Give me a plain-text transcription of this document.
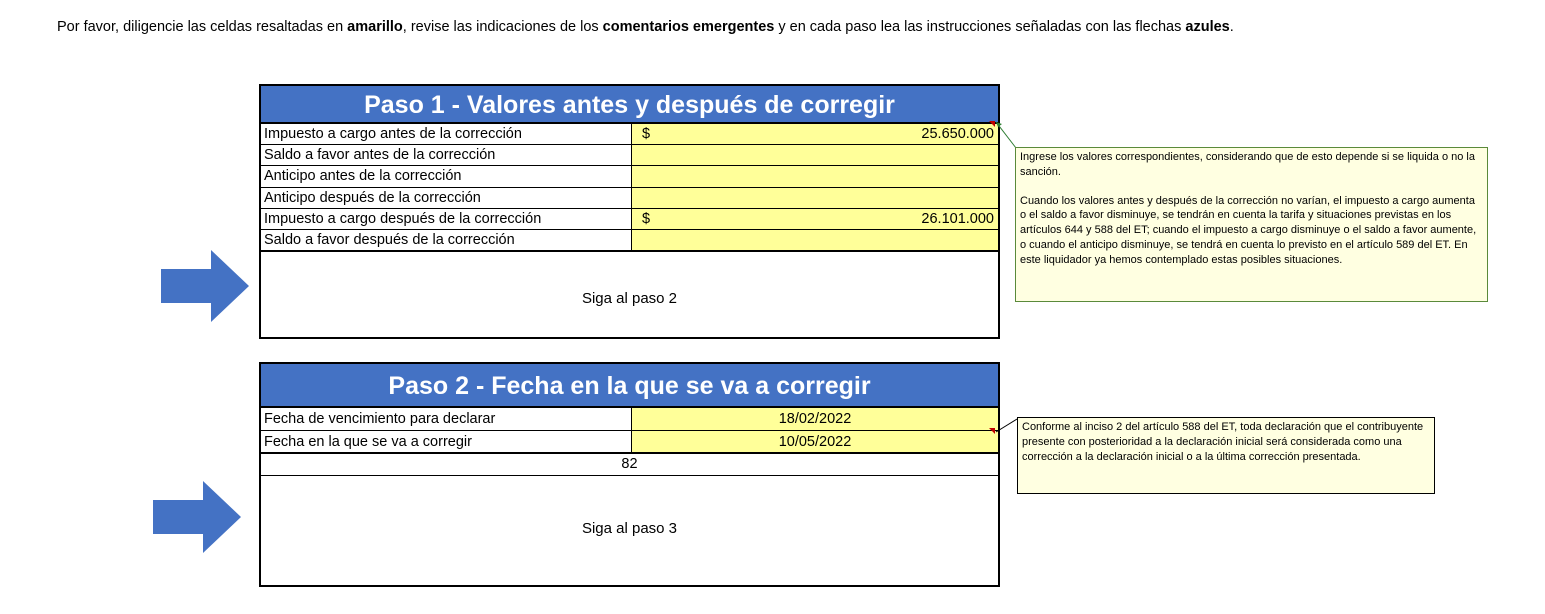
Por favor, diligencie las celdas resaltadas en amarillo, revise las indicaciones de los comentarios emergentes y en cada paso lea las instrucciones señaladas con las flechas azules.
Paso 1 - Valores antes y después de corregir
Impuesto a cargo antes de la corrección	$	25.650.000
Saldo a favor antes de la corrección
Anticipo antes de la corrección
Anticipo después de la corrección
Impuesto a cargo después de la corrección	$	26.101.000
Saldo a favor después de la corrección
Siga al paso 2
Paso 2 - Fecha en la que se va a corregir
Fecha de vencimiento para declarar	18/02/2022
Fecha en la que se va a corregir	10/05/2022
82
Siga al paso 3

Ingrese los valores correspondientes, considerando que de esto depende si se liquida o no la sanción.

Cuando los valores antes y después de la corrección no varían, el impuesto a cargo aumenta o el saldo a favor disminuye, se tendrán en cuenta la tarifa y situaciones previstas en los artículos 644 y 588 del ET; cuando el impuesto a cargo disminuye o el saldo a favor aumente, o cuando el anticipo disminuye, se tendrá en cuenta lo previsto en el artículo 589 del ET. En este liquidador ya hemos contemplado estas posibles situaciones.

Conforme al inciso 2 del artículo 588 del ET, toda declaración que el contribuyente presente con posterioridad a la declaración inicial será considerada como una corrección a la declaración inicial o a la última corrección presentada.
